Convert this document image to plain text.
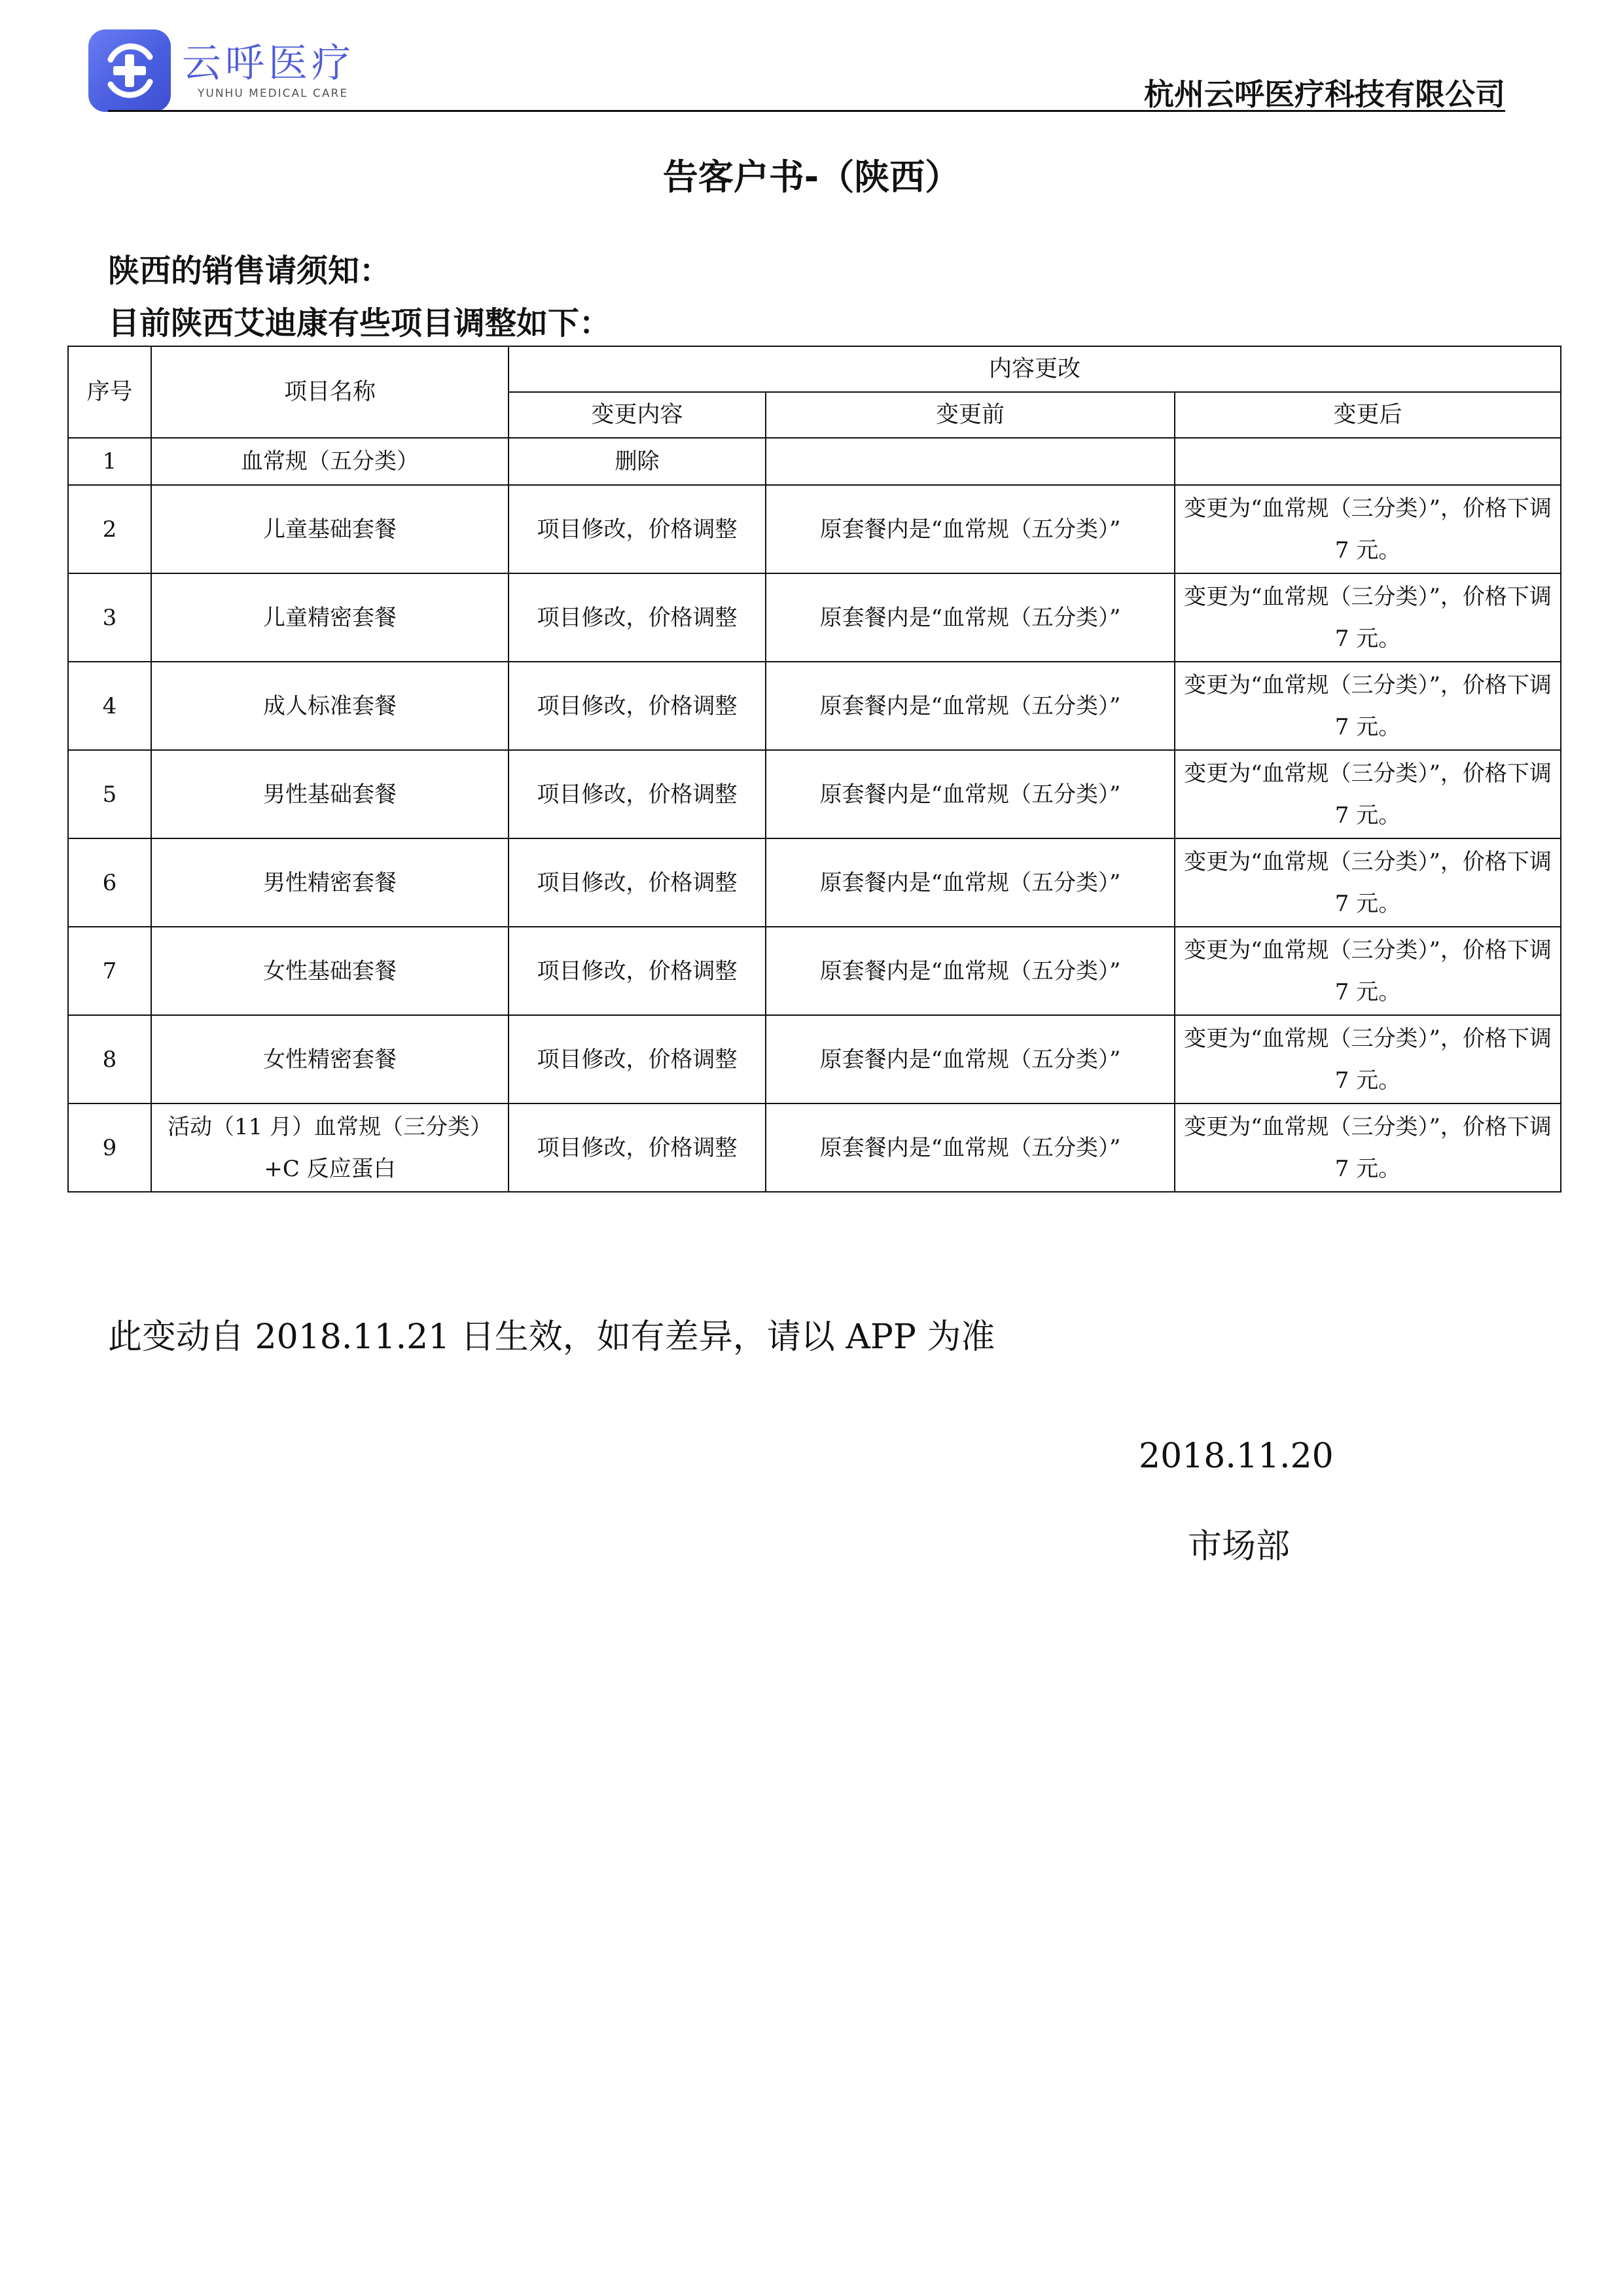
云呼医疗
YUNHU MEDICAL CARE	杭州云呼医疗科技有限公司
告客户书-（陕西）
陕西的销售请须知：
目前陕西艾迪康有些项目调整如下：
序号	项目名称	内容更改		
		变更内容	变更前	变更后
1	血常规（五分类）	删除		
2	儿童基础套餐	项目修改，价格调整	原套餐内是“血常规（五分类）”	变更为“血常规（三分类）”，价格下调 7 元。
3	儿童精密套餐	项目修改，价格调整	原套餐内是“血常规（五分类）”	变更为“血常规（三分类）”，价格下调 7 元。
4	成人标准套餐	项目修改，价格调整	原套餐内是“血常规（五分类）”	变更为“血常规（三分类）”，价格下调 7 元。
5	男性基础套餐	项目修改，价格调整	原套餐内是“血常规（五分类）”	变更为“血常规（三分类）”，价格下调 7 元。
6	男性精密套餐	项目修改，价格调整	原套餐内是“血常规（五分类）”	变更为“血常规（三分类）”，价格下调 7 元。
7	女性基础套餐	项目修改，价格调整	原套餐内是“血常规（五分类）”	变更为“血常规（三分类）”，价格下调 7 元。
8	女性精密套餐	项目修改，价格调整	原套餐内是“血常规（五分类）”	变更为“血常规（三分类）”，价格下调 7 元。
9	活动（11 月）血常规（三分类）+C 反应蛋白	项目修改，价格调整	原套餐内是“血常规（五分类）”	变更为“血常规（三分类）”，价格下调 7 元。
此变动自 2018.11.21 日生效，如有差异，请以 APP 为准
2018.11.20
市场部
